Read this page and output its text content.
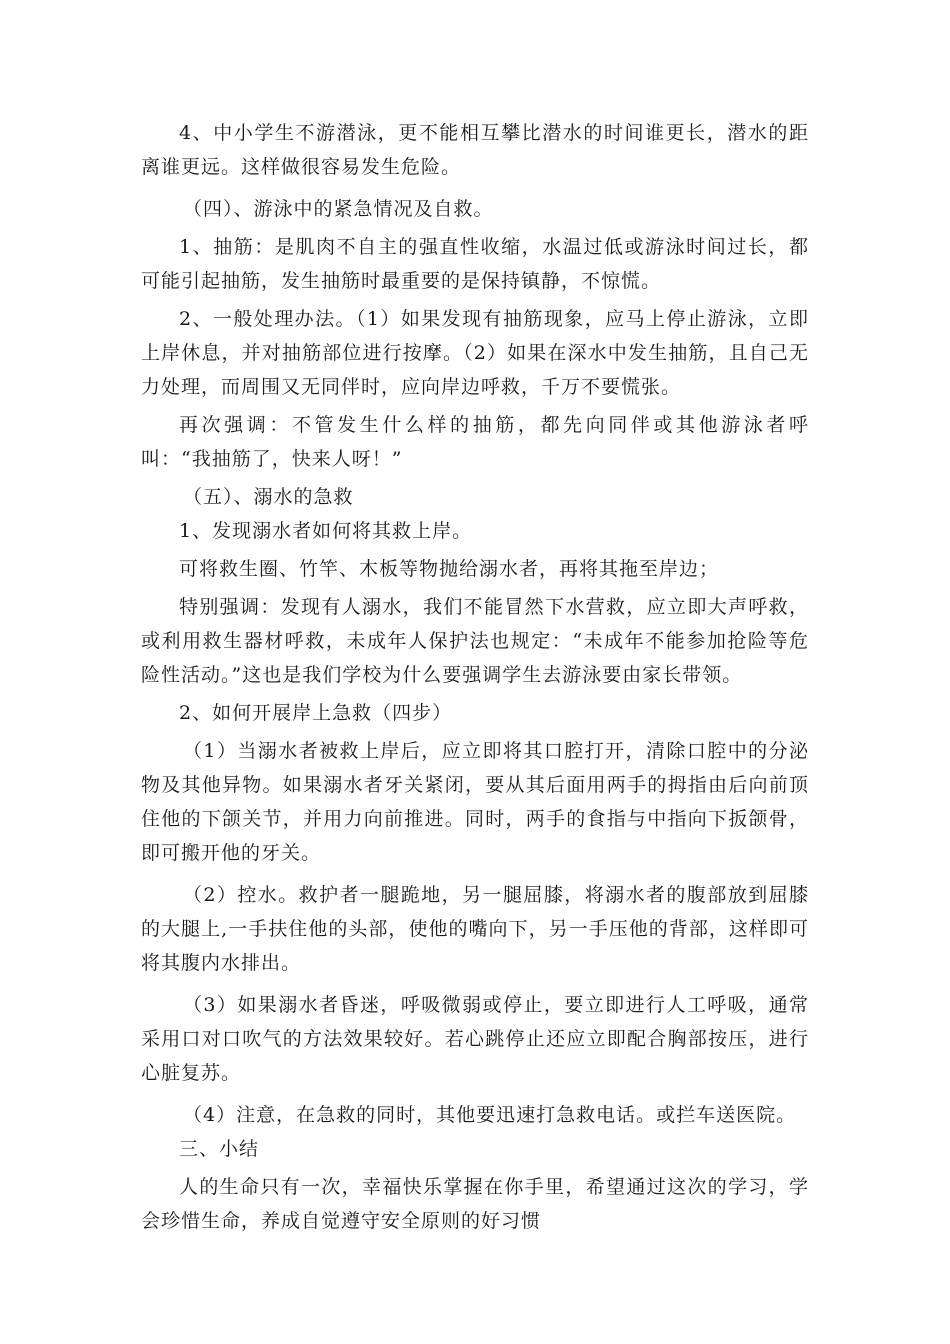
4、中小学生不游潜泳，更不能相互攀比潜水的时间谁更长，潜水的距离谁更远。这样做很容易发生危险。

（四）、游泳中的紧急情况及自救。

1、抽筋：是肌肉不自主的强直性收缩，水温过低或游泳时间过长，都可能引起抽筋，发生抽筋时最重要的是保持镇静，不惊慌。

2、一般处理办法。（1）如果发现有抽筋现象，应马上停止游泳，立即上岸休息，并对抽筋部位进行按摩。（2）如果在深水中发生抽筋，且自己无力处理，而周围又无同伴时，应向岸边呼救，千万不要慌张。

再次强调：不管发生什么样的抽筋，都先向同伴或其他游泳者呼叫：“我抽筋了，快来人呀！”

（五）、溺水的急救

1、发现溺水者如何将其救上岸。

可将救生圈、竹竿、木板等物抛给溺水者，再将其拖至岸边；

特别强调：发现有人溺水，我们不能冒然下水营救，应立即大声呼救，或利用救生器材呼救，未成年人保护法也规定：“未成年不能参加抢险等危险性活动。”这也是我们学校为什么要强调学生去游泳要由家长带领。

2、如何开展岸上急救（四步）

（1）当溺水者被救上岸后，应立即将其口腔打开，清除口腔中的分泌物及其他异物。如果溺水者牙关紧闭，要从其后面用两手的拇指由后向前顶住他的下颌关节，并用力向前推进。同时，两手的食指与中指向下扳颌骨，即可搬开他的牙关。

（2）控水。救护者一腿跪地，另一腿屈膝，将溺水者的腹部放到屈膝的大腿上,一手扶住他的头部，使他的嘴向下，另一手压他的背部，这样即可将其腹内水排出。

（3）如果溺水者昏迷，呼吸微弱或停止，要立即进行人工呼吸，通常采用口对口吹气的方法效果较好。若心跳停止还应立即配合胸部按压，进行心脏复苏。

（4）注意，在急救的同时，其他要迅速打急救电话。或拦车送医院。

三、小结

人的生命只有一次，幸福快乐掌握在你手里，希望通过这次的学习，学会珍惜生命，养成自觉遵守安全原则的好习惯
